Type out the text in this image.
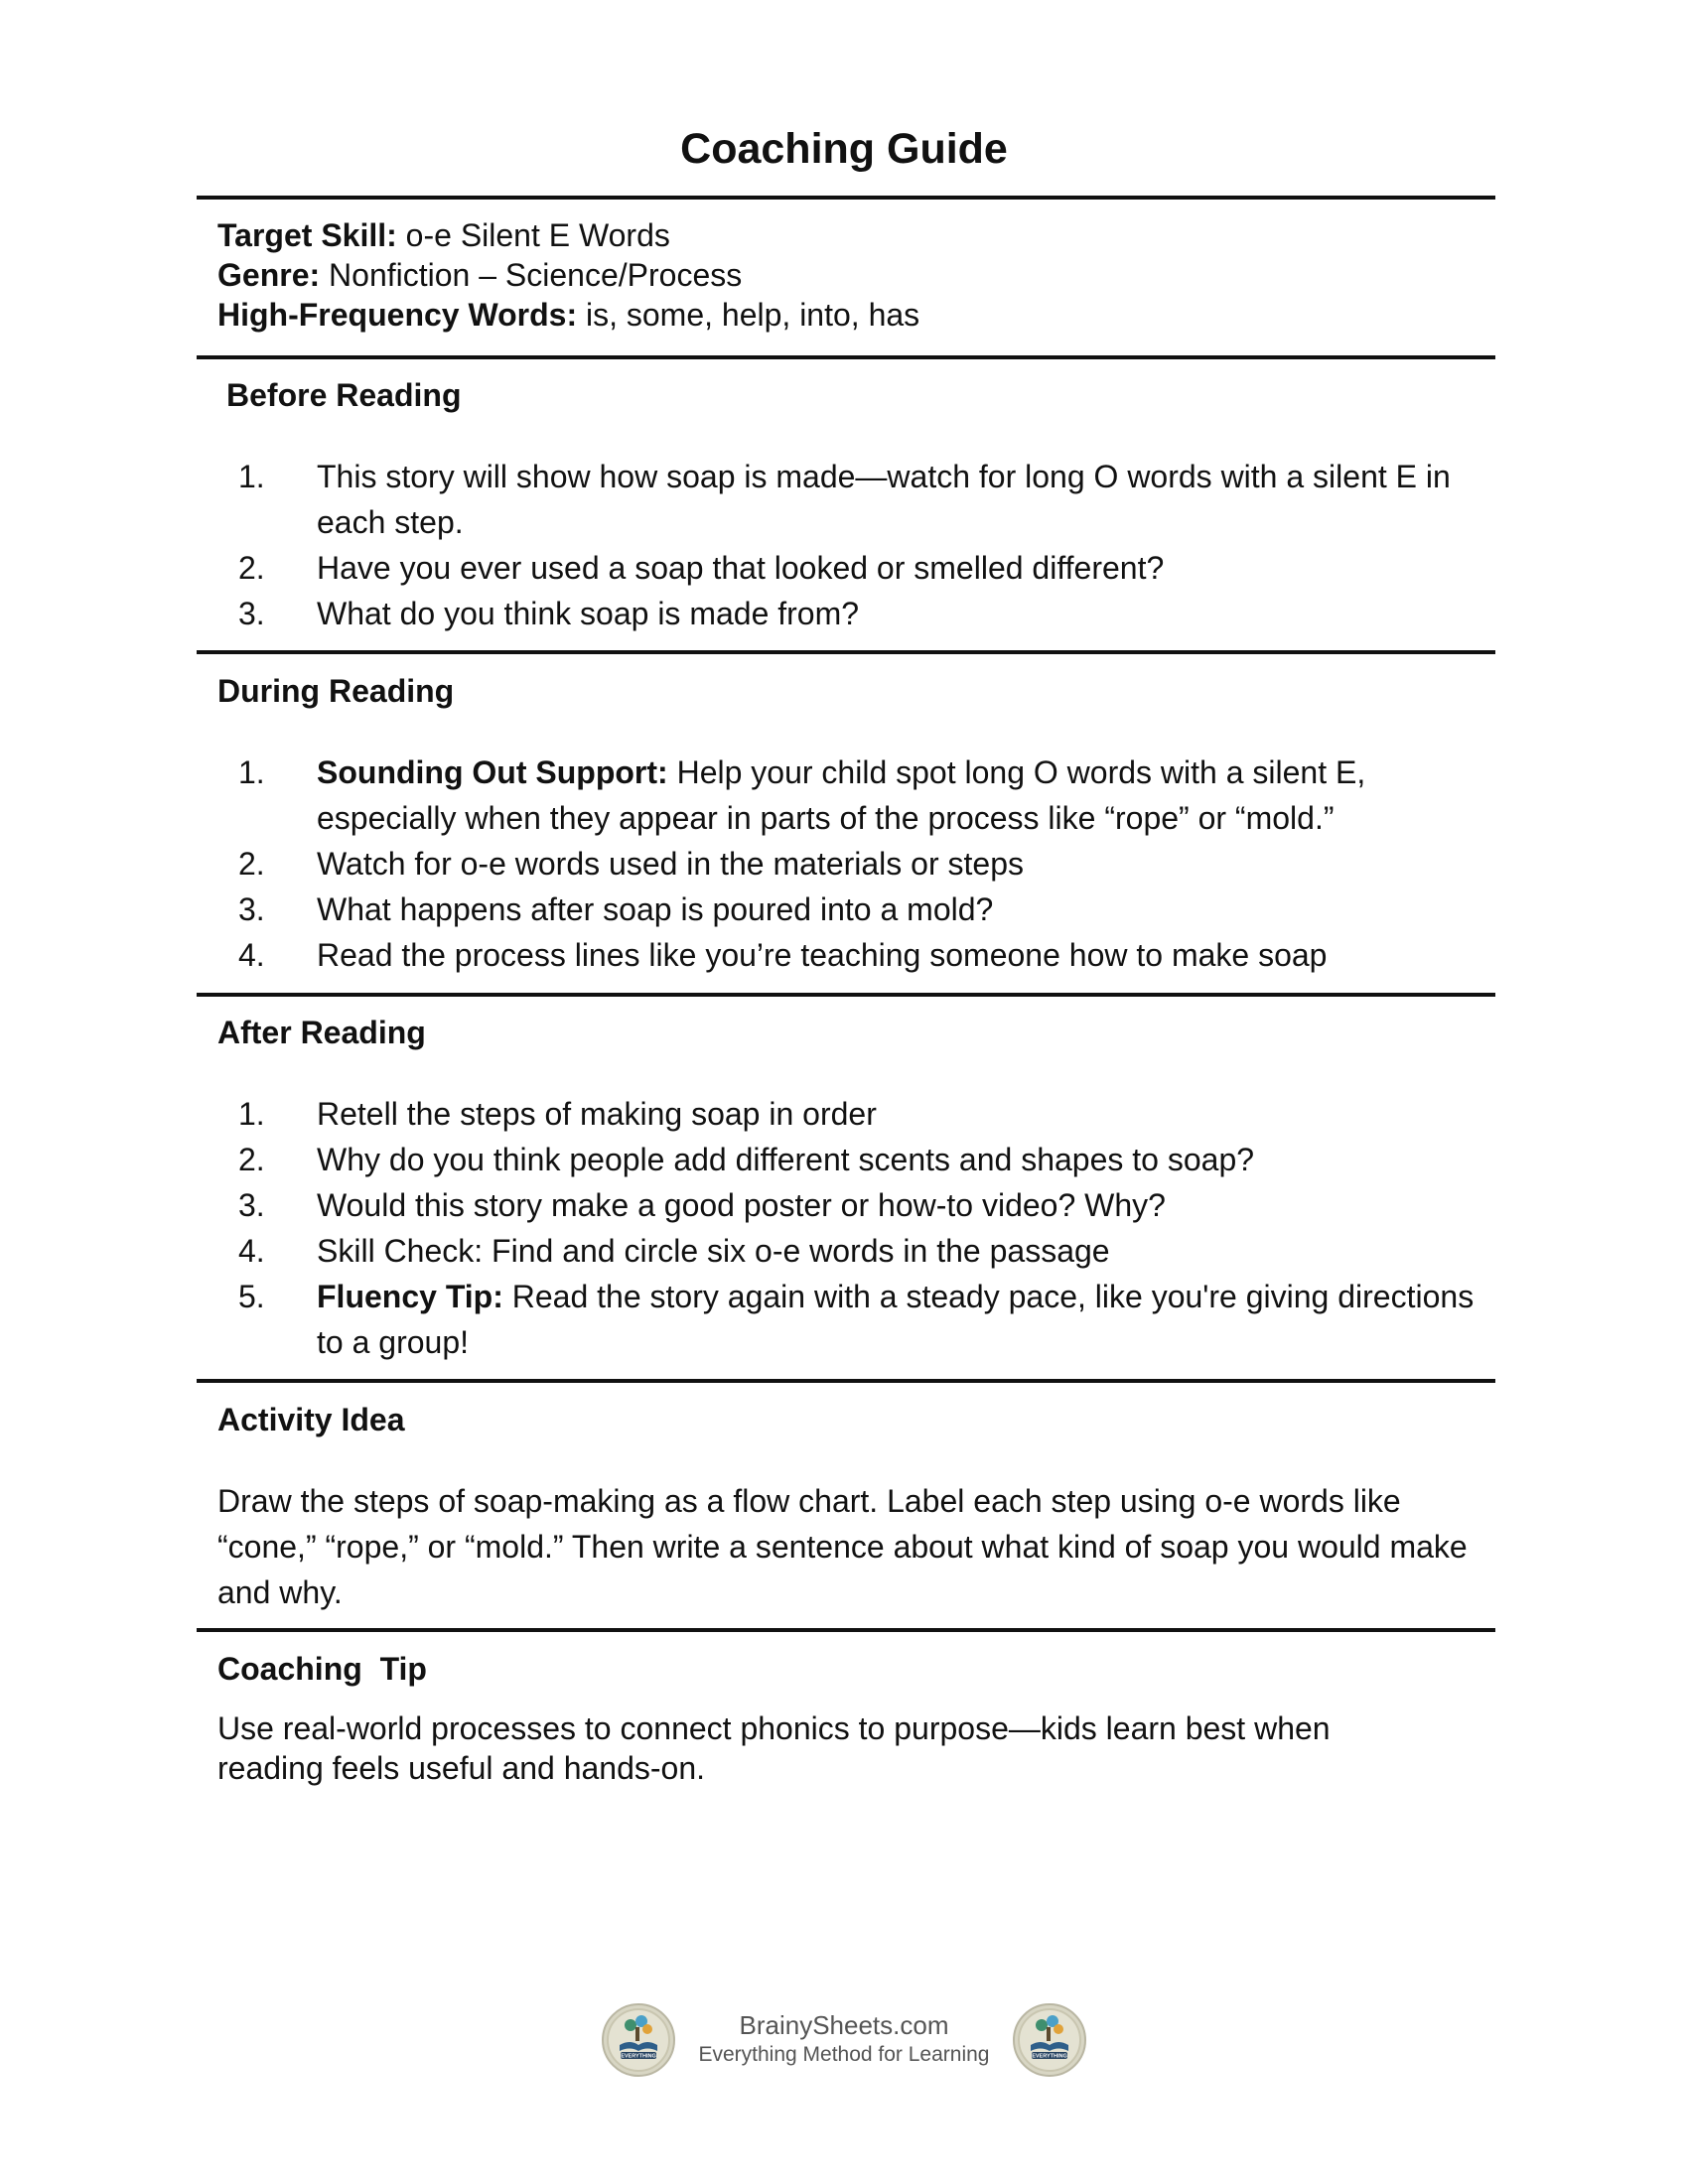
Coaching Guide
Target Skill: o-e Silent E Words
Genre: Nonfiction – Science/Process
High-Frequency Words: is, some, help, into, has
Before Reading
1. This story will show how soap is made—watch for long O words with a silent E in each step.
2. Have you ever used a soap that looked or smelled different?
3. What do you think soap is made from?
During Reading
1. Sounding Out Support: Help your child spot long O words with a silent E, especially when they appear in parts of the process like “rope” or “mold.”
2. Watch for o-e words used in the materials or steps
3. What happens after soap is poured into a mold?
4. Read the process lines like you’re teaching someone how to make soap
After Reading
1. Retell the steps of making soap in order
2. Why do you think people add different scents and shapes to soap?
3. Would this story make a good poster or how-to video? Why?
4. Skill Check: Find and circle six o-e words in the passage
5. Fluency Tip: Read the story again with a steady pace, like you're giving directions to a group!
Activity Idea

Draw the steps of soap-making as a flow chart. Label each step using o-e words like “cone,” “rope,” or “mold.” Then write a sentence about what kind of soap you would make and why.

Coaching  Tip

Use real-world processes to connect phonics to purpose—kids learn best when reading feels useful and hands-on.

EVERYTHING
BrainySheets.com
Everything Method for Learning	EVERYTHING
